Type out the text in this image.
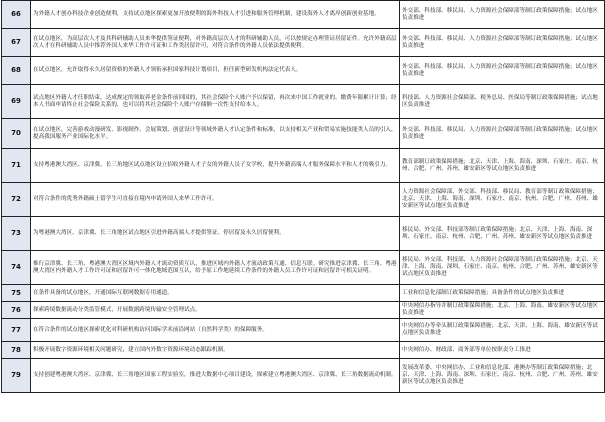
66	为外籍人才创办科技企业创造便利，支持试点地区探索更加开放便利的海外科技人才引进和服务管理机制，建设海外人才离岸创新创业基地。	外交部、科技部、移民局、人力资源社会保障部等制订政策保障措施；试点地区负责推进
67	在试点地区，为高层次人才及其科研辅助人员来华提供签证便利，对外籍高层次人才的科研辅助人员，可以按规定办理签证居留证件。允许外籍高层次人才在科研辅助人员中推荐外国人来华工作许可证和工作类居留许可，对符合条件的外籍人员依法提供便利。	外交部、科技部、移民局、人力资源社会保障部等制订政策保障措施；试点地区负责推进
68	在试点地区，允许取得永久居留资格的外籍人才领衔承担国家科技计划项目，担任新型研发机构法定代表人。	外交部、科技部、移民局、人力资源社会保障部等制订政策保障措施；试点地区负责推进
69	试点地区外籍人才任职结束，达成规定的领取养老金条件前回国的，其社会保险个人账户予以保留，再次来中国工作就业的，缴费年限累计计算；经本人书面申请终止社会保险关系的，也可以将其社会保险个人账户存储额一次性支付给本人。	科技部、人力资源社会保障部、税务总局、医保局等制订政策保障措施；试点地区负责推进
70	在试点地区，完善游戏动漫研发、影视制作、会展策划、创意设计等领域外籍人才认定条件和标准，以支持相关产业和贸易实施技能类人员的引入，提高我国服务产业国际化水平。	外交部、科技部、移民局、人力资源社会保障部等制订政策保障措施；试点地区负责推进
71	支持粤港澳大湾区、京津冀、长三角地区试点地区设立招收外籍人才子女的外籍人员子女学校，提升外籍高端人才服务保障水平和人才的吸引力。	教育部制订政策保障措施；北京、天津、上海、海南、深圳、石家庄、南京、杭州、合肥、广州、苏州、雄安新区等试点地区负责推进
72	对符合条件的优秀外籍硕士留学生可直接在境内申请外国人来华工作许可。	人力资源社会保障部、外交部、科技部、移民局、教育部等制订政策保障措施；北京、天津、上海、海南、深圳、石家庄、南京、杭州、合肥、广州、苏州、雄安新区等试点地区负责推进
73	为粤港澳大湾区、京津冀、长三角地区试点地区引进外籍高端人才提供签证、停居留及永久居留便利。	移民局、外交部、科技部等制订政策保障措施；北京、天津、上海、海南、深圳、石家庄、南京、杭州、合肥、广州、苏州、雄安新区等试点地区负责推进
74	推行京津冀、长三角、粤港澳大湾区区域内外籍人才流动资质互认，推进区域内外籍人才流动政策互通、信息互联。研究推进京津冀、长三角、粤港澳大湾区内外籍人才工作许可证和居留许可一体化地域范围互认，给予原工作地延续工作条件的外籍人员工作许可证和居留许可相关证明。	移民局、外交部、科技部、人力资源社会保障部等制订政策保障措施；北京、天津、上海、海南、深圳、石家庄、南京、杭州、合肥、广州、苏州、雄安新区等试点地区负责推进
75	在条件具备的试点地区，开通国际互联网数据专用通道。	工业和信息化部制订政策保障措施；具备条件的试点地区负责推进
76	探索跨境数据流动分类监管模式，开展数据跨境传输安全管理试点。	中央网信办指导并制订政策保障措施；北京、上海、海南、雄安新区等试点地区负责推进
77	在符合条件的试点地区探索优化对科研机构访问国际学术前沿网站（自然科学类）的保障服务。	中央网信办等牵头制订政策保障措施；北京、天津、上海、海南、雄安新区等试点地区负责推进
78	积极开展数字资源环境相关问题研究，建立国内外数字资源环境动态跟踪机制。	中央网信办、财政部、商务部等单位按职责分工推进
79	支持创建粤港澳大湾区、京津冀、长三角地区国家工程实验室，推进大数据中心项目建设，探索建立粤港澳大湾区、京津冀、长三角数据流动机制。	发展改革委、中央网信办、工业和信息化部、港澳办等制订政策保障措施；北京、天津、上海、海南、深圳、石家庄、南京、杭州、合肥、广州、苏州、雄安新区等试点地区负责推进
